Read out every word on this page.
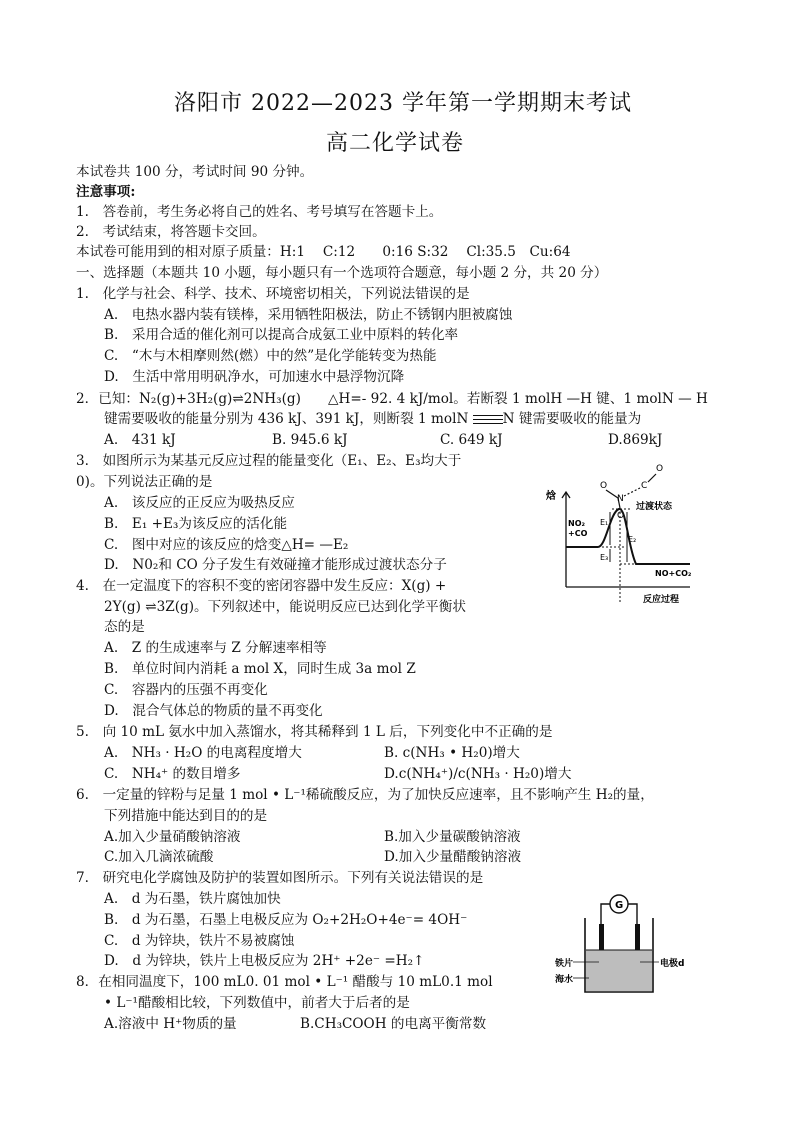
洛阳市 2022—2023 学年第一学期期末考试
高二化学试卷
本试卷共 100 分，考试时间 90 分钟。
注意事项:
1.　答卷前，考生务必将自己的姓名、考号填写在答题卡上。
2.　考试结束，将答题卡交回。
本试卷可能用到的相对原子质量：H:1　 C:12　　0:16 S:32　 Cl:35.5　Cu:64
一、选择题（本题共 10 小题，每小题只有一个选项符合题意，每小题 2 分，共 20 分）
1.　化学与社会、科学、技术、环境密切相关，下列说法错误的是
A.　电热水器内装有镁棒，采用牺牲阳极法，防止不锈钢内胆被腐蚀
B.　采用合适的催化剂可以提高合成氨工业中原料的转化率
C.　“木与木相摩则然(燃）中的然”是化学能转变为热能
D.　生活中常用明矾净水，可加速水中悬浮物沉降
2．已知：N₂(g)+3H₂(g)⇌2NH₃(g)　　△H=- 92. 4 kJ/mol。若断裂 1 molH —H 键、1 molN — H
键需要吸收的能量分别为 436 kJ、391 kJ，则断裂 1 molN
N 键需要吸收的能量为
A.　431 kJ	B. 945.6 kJ	C. 649 kJ	D.869kJ
3.　如图所示为某基元反应过程的能量变化（E₁、E₂、E₃均大于
0)。下列说法正确的是
A.　该反应的正反应为吸热反应
B.　E₁ +E₃为该反应的活化能
C.　图中对应的该反应的焓变△H= —E₂
D.　N0₂和 CO 分子发生有效碰撞才能形成过渡状态分子
O
N
O
C
O
焓
E₁
E₂
E₃
过渡状态
NO₂
+CO
NO+CO₂
反应过程
4.　在一定温度下的容积不变的密闭容器中发生反应：X(g) +
2Y(g) ⇌3Z(g)。下列叙述中，能说明反应已达到化学平衡状
态的是
A.　Z 的生成速率与 Z 分解速率相等
B.　单位时间内消耗 a mol X，同时生成 3a mol Z
C.　容器内的压强不再变化
D.　混合气体总的物质的量不再变化
5.　向 10 mL 氨水中加入蒸馏水，将其稀释到 1 L 后，下列变化中不正确的是
A.　NH₃ · H₂O 的电离程度增大	B. c(NH₃ • H₂0)增大
C.　NH₄⁺ 的数目增多	D.c(NH₄⁺)/c(NH₃ · H₂0)增大
6.　一定量的锌粉与足量 1 mol • L⁻¹稀硫酸反应，为了加快反应速率，且不影响产生 H₂的量，
下列措施中能达到目的的是
A.加入少量硝酸钠溶液	B.加入少量碳酸钠溶液
C.加入几滴浓硫酸	D.加入少量醋酸钠溶液
7.　研究电化学腐蚀及防护的装置如图所示。下列有关说法错误的是
A.　d 为石墨，铁片腐蚀加快
B.　d 为石墨，石墨上电极反应为 O₂+2H₂O+4e⁻= 4OH⁻
C.　d 为锌块，铁片不易被腐蚀
D.　d 为锌块，铁片上电极反应为 2H⁺ +2e⁻ =H₂↑
G
铁片
海水
电极d
8．在相同温度下，100 mL0. 01 mol • L⁻¹ 醋酸与 10 mL0.1 mol
• L⁻¹醋酸相比较，下列数值中，前者大于后者的是
A.溶液中 H⁺物质的量	B.CH₃COOH 的电离平衡常数
